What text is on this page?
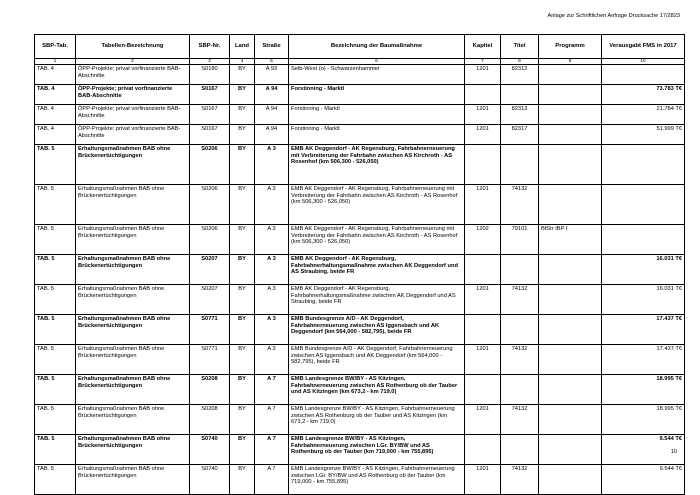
Anlage zur Schriftlichen Anfrage Drucksache 17/2823
SBP-Tab.	Tabellen-Bezeichnung	SBP-Nr.	Land	Straße	Bezeichnung der Baumaßnahme	Kapitel	Titel	Programm	Verausgabt FMS in 2017
1	2	3	4	5	6	7	8	9	10
TAB. 4	ÖPP-Projekte; privat vorfinanzierte BAB-Abschnitte	S0180	BY	A 93	Selb-West (o) - Schwarzenhammer	1201	82312		
TAB. 4	ÖPP-Projekte; privat vorfinanzierte BAB-Abschnitte	S0167	BY	A 94	Forstinning - Marktl				73.783 T€
TAB. 4	ÖPP-Projekte; privat vorfinanzierte BAB-Abschnitte	S0167	BY	A 94	Forstinning - Marktl	1201	82313		21.784 T€
TAB. 4	ÖPP-Projekte; privat vorfinanzierte BAB-Abschnitte	S0167	BY	A 94	Forstinning - Marktl	1201	82317		51.999 T€
TAB. 5	Erhaltungsmaßnahmen BAB ohne Brückenertüchtigungen	S0206	BY	A 3	EMB AK Deggendorf - AK Regensburg, Fahrbahnerneuerung mit Verbreiterung der Fahrbahn zwischen AS Kirchroth - AS Rosenhof (km 506,300 - 526,050)				
TAB. 5	Erhaltungsmaßnahmen BAB ohne Brückenertüchtigungen	S0206	BY	A 3	EMB AK Deggendorf - AK Regensburg, Fahrbahnerneuerung mit Verbreiterung der Fahrbahn zwischen AS Kirchroth - AS Rosenhof (km 506,300 - 526,050)	1201	74132		
TAB. 5	Erhaltungsmaßnahmen BAB ohne Brückenertüchtigungen	S0206	BY	A 3	EMB AK Deggendorf - AK Regensburg, Fahrbahnerneuerung mit Verbreiterung der Fahrbahn zwischen AS Kirchroth - AS Rosenhof (km 506,300 - 526,050)	1202	79101	BfStr IBP I	
TAB. 5	Erhaltungsmaßnahmen BAB ohne Brückenertüchtigungen	S0207	BY	A 3	EMB AK Deggendorf - AK Regensburg, Fahrbahnerhaltungsmaßnahme zwischen AK Deggendorf und AS Straubing, beide FR				16.031 T€
TAB. 5	Erhaltungsmaßnahmen BAB ohne Brückenertüchtigungen	S0207	BY	A 3	EMB AK Deggendorf - AK Regensburg, Fahrbahnerhaltungsmaßnahme zwischen AK Deggendorf und AS Straubing, beide FR	1201	74132		16.031 T€
TAB. 5	Erhaltungsmaßnahmen BAB ohne Brückenertüchtigungen	S0771	BY	A 3	EMB Bundesgrenze A/D - AK Deggendorf, Fahrbahnerneuerung zwischen AS Iggensbach und AK Deggendorf (km 564,000 - 582,795), beide FR				17.437 T€
TAB. 5	Erhaltungsmaßnahmen BAB ohne Brückenertüchtigungen	S0771	BY	A 3	EMB Bundesgrenze A/D - AK Deggendorf, Fahrbahnerneuerung zwischen AS Iggensbach und AK Deggendorf (km 564,000 - 582,795), beide FR	1201	74132		17.437 T€
TAB. 5	Erhaltungsmaßnahmen BAB ohne Brückenertüchtigungen	S0208	BY	A 7	EMB Landesgrenze BW/BY - AS Kitzingen, Fahrbahnerneuerung zwischen AS Rothenburg ob der Tauber und AS Kitzingen (km 673,2 - km 719,0)				18.995 T€
TAB. 5	Erhaltungsmaßnahmen BAB ohne Brückenertüchtigungen	S0208	BY	A 7	EMB Landesgrenze BW/BY - AS Kitzingen, Fahrbahnerneuerung zwischen AS Rothenburg ob der Tauber und AS Kitzingen (km 673,2 - km 719,0)	1201	74132		18.995 T€
TAB. 5	Erhaltungsmaßnahmen BAB ohne Brückenertüchtigungen	S0740	BY	A 7	EMB Landesgrenze BW/BY - AS Kitzingen, Fahrbahnerneuerung zwischen LGr. BY/BW und AS Rothenburg ob der Tauber (km 719,000 - km 755,895)				9.544 T€
TAB. 5	Erhaltungsmaßnahmen BAB ohne Brückenertüchtigungen	S0740	BY	A 7	EMB Landesgrenze BW/BY - AS Kitzingen, Fahrbahnerneuerung zwischen LGr. BY/BW und AS Rothenburg ob der Tauber (km 719,000 - km 755,895)	1201	74132		9.544 T€
10
